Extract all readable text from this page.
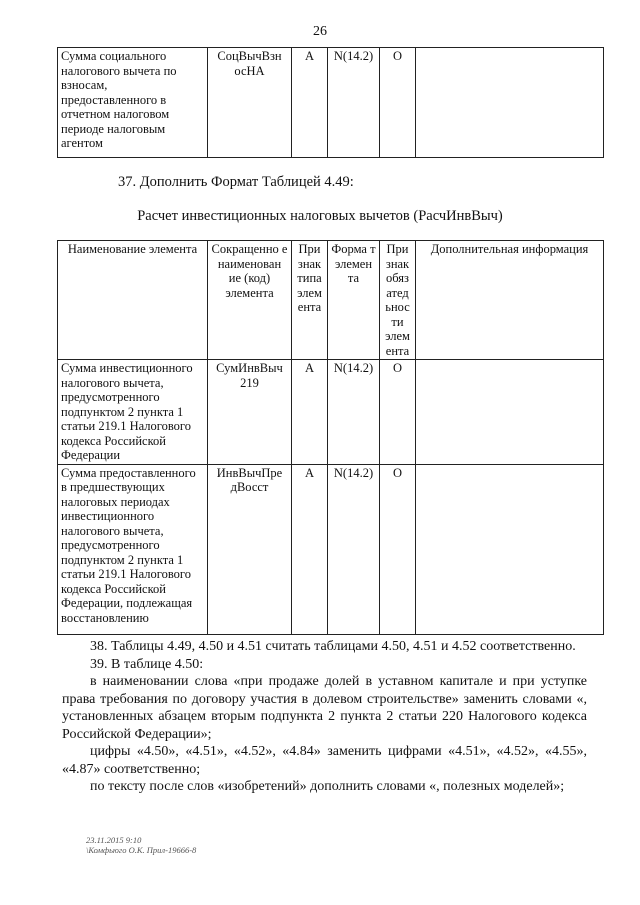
26
Сумма социального налогового вычета по взносам, предоставленного в отчетном налоговом периоде налоговым агентом	СоцВычВзн осНА	А	N(14.2)	О	
37. Дополнить Формат Таблицей 4.49:
Расчет инвестиционных налоговых вычетов (РасчИнвВыч)
Наименование элемента	Сокращенно е наименован ие (код) элемента	При знак типа элем ента	Форма т элемен та	При знак обяз атед ьнос ти элем ента	Дополнительная информация
Сумма инвестиционного налогового вычета, предусмотренного подпунктом 2 пункта 1 статьи 219.1 Налогового кодекса Российской Федерации	СумИнвВыч 219	А	N(14.2)	О	
Сумма предоставленного в предшествующих налоговых периодах инвестиционного налогового вычета, предусмотренного подпунктом 2 пункта 1 статьи 219.1 Налогового кодекса Российской Федерации, подлежащая восстановлению	ИнвВычПре дВосст	А	N(14.2)	О	

38. Таблицы 4.49, 4.50 и 4.51 считать таблицами 4.50, 4.51 и 4.52 соответственно.

39. В таблице 4.50:

в наименовании слова «при продаже долей в уставном капитале и при уступке права требования по договору участия в долевом строительстве» заменить словами «, установленных абзацем вторым подпункта 2 пункта 2 статьи 220 Налогового кодекса Российской Федерации»;

цифры «4.50», «4.51», «4.52», «4.84» заменить цифрами «4.51», «4.52», «4.55», «4.87» соответственно;

по тексту после слов «изобретений» дополнить словами «, полезных моделей»;

23.11.2015 9:10
\Комфьюго О.К. Прил-19666-8
